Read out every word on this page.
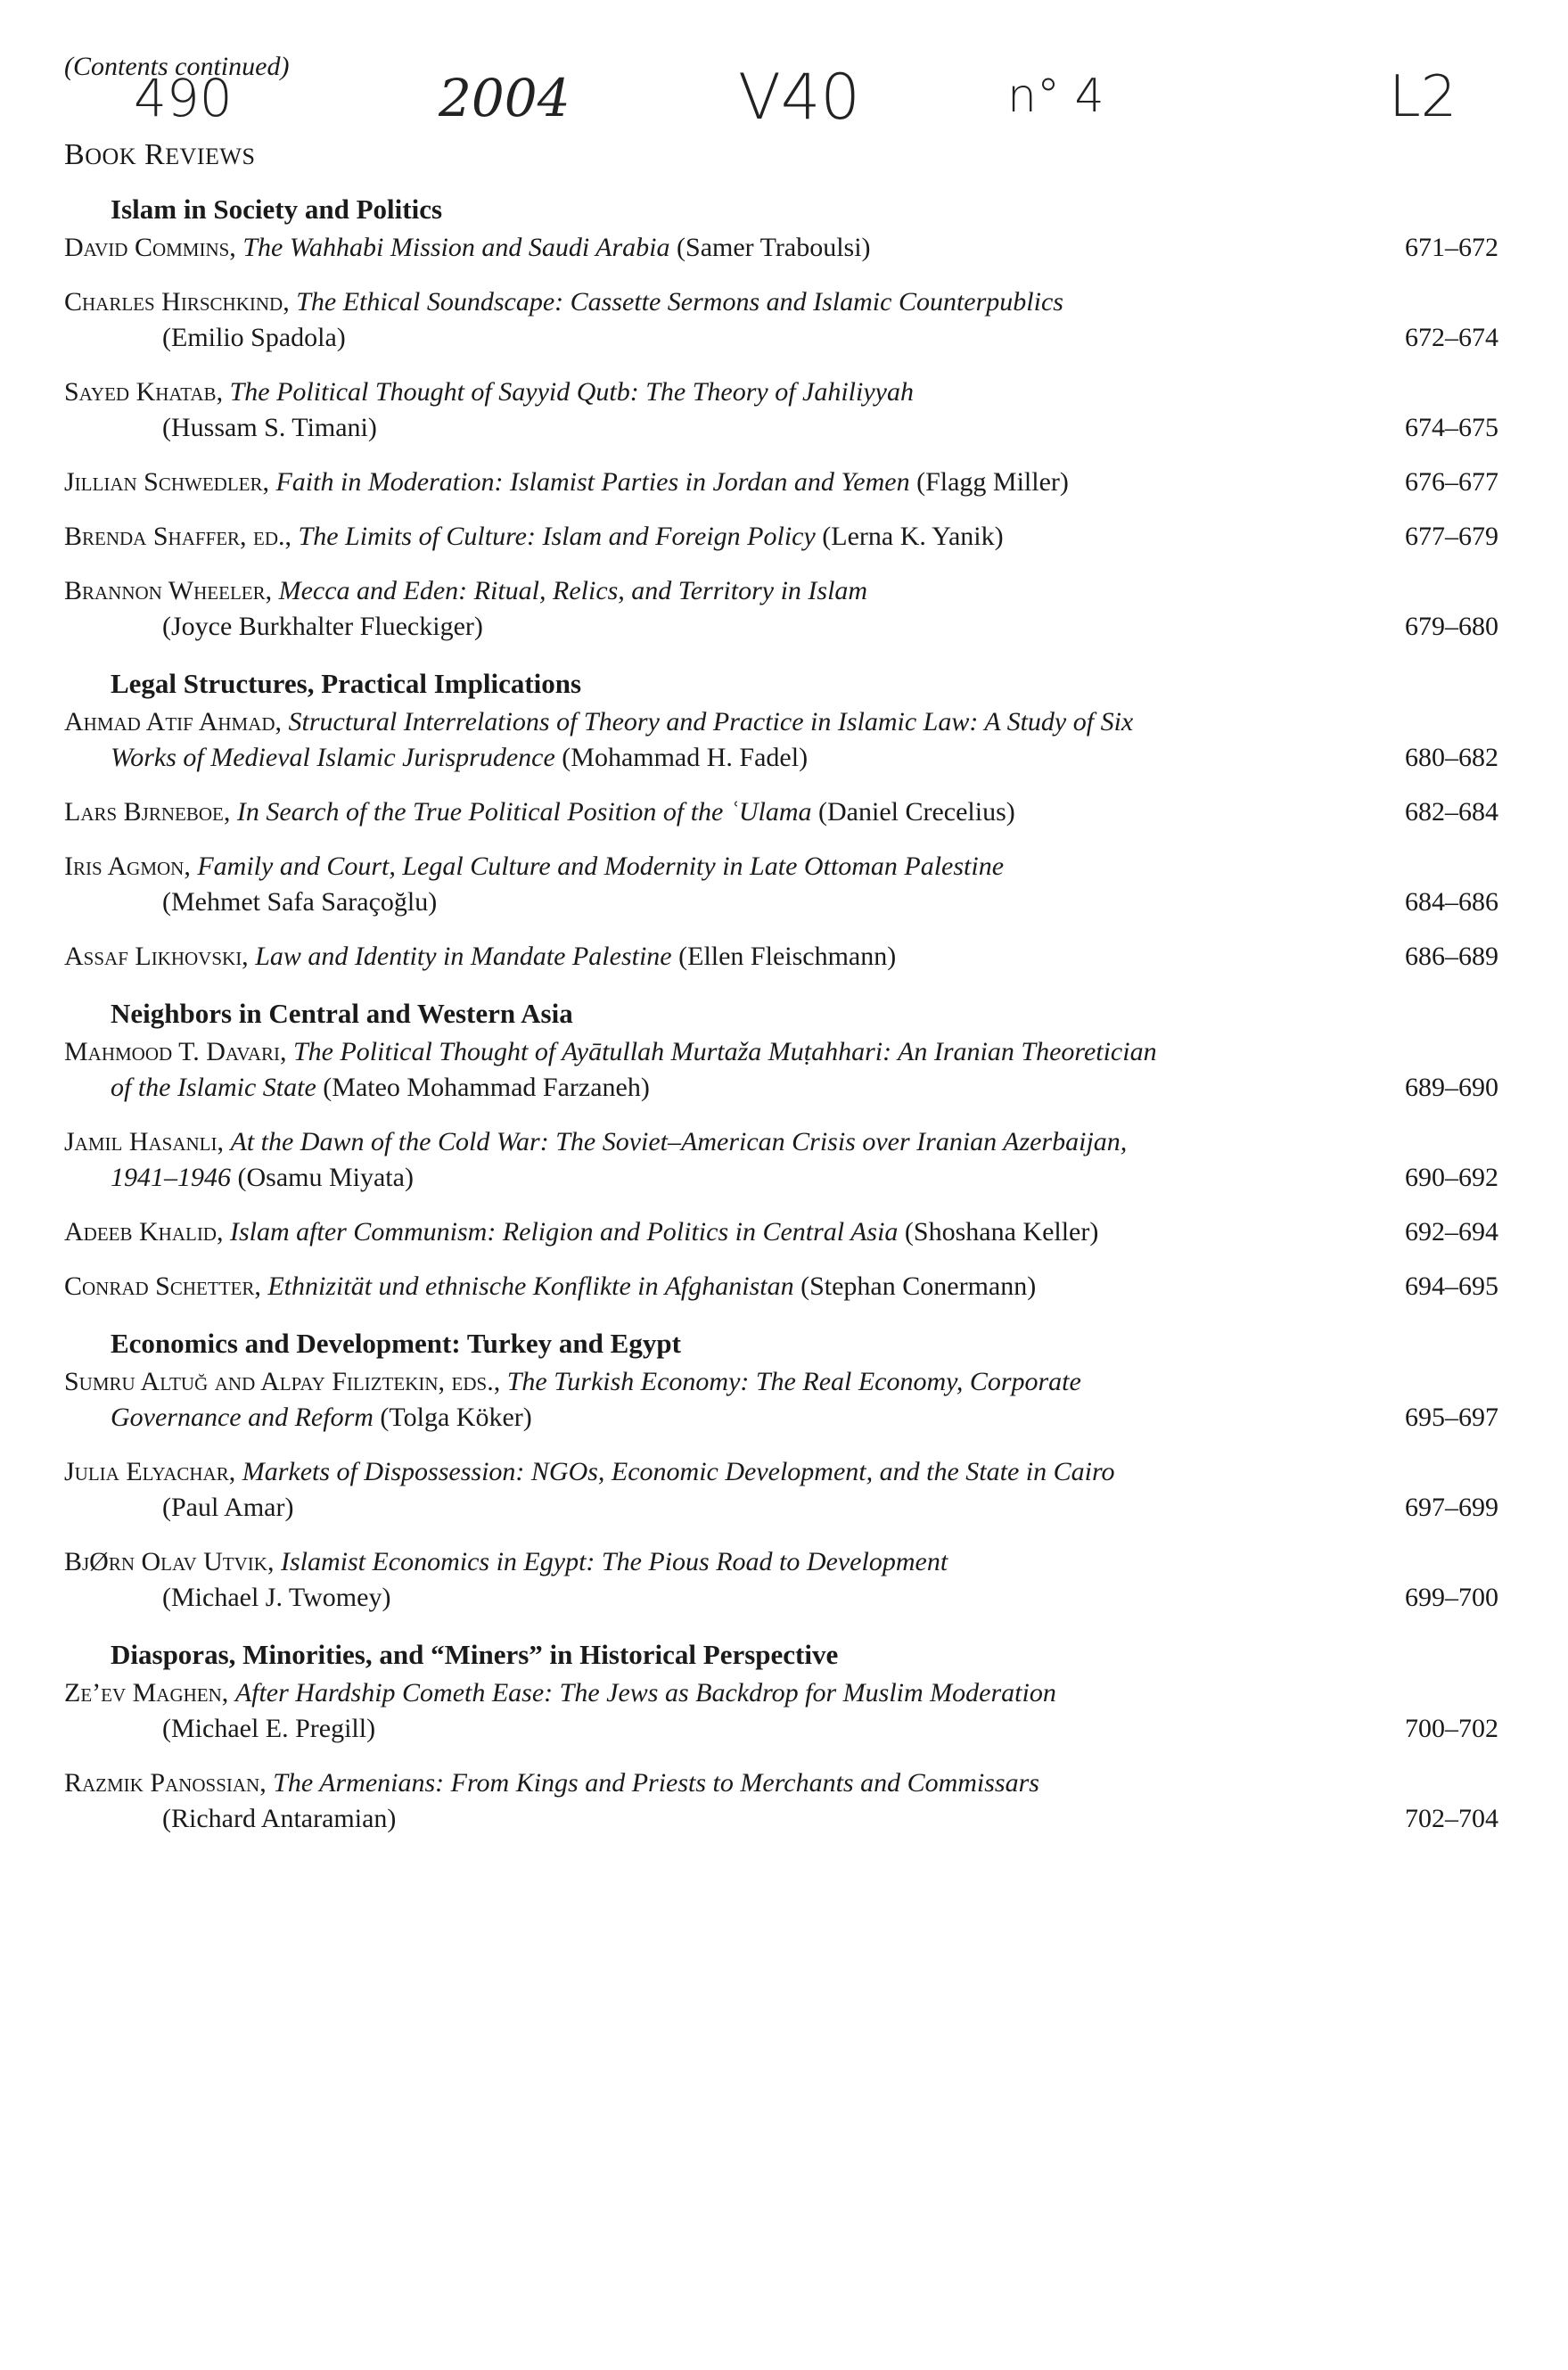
(Contents continued)
490	2004	V40	n° 4	L2
BOOK REVIEWS
Islam in Society and Politics
David Commins, The Wahhabi Mission and Saudi Arabia (Samer Traboulsi)	671–672
Charles Hirschkind, The Ethical Soundscape: Cassette Sermons and Islamic Counterpublics
(Emilio Spadola)	672–674
Sayed Khatab, The Political Thought of Sayyid Qutb: The Theory of Jahiliyyah
(Hussam S. Timani)	674–675
Jillian Schwedler, Faith in Moderation: Islamist Parties in Jordan and Yemen (Flagg Miller)	676–677
Brenda Shaffer, ed., The Limits of Culture: Islam and Foreign Policy (Lerna K. Yanik)	677–679
Brannon Wheeler, Mecca and Eden: Ritual, Relics, and Territory in Islam
(Joyce Burkhalter Flueckiger)	679–680
Legal Structures, Practical Implications
Ahmad Atif Ahmad, Structural Interrelations of Theory and Practice in Islamic Law: A Study of Six
Works of Medieval Islamic Jurisprudence (Mohammad H. Fadel)	680–682
Lars Bjrneboe, In Search of the True Political Position of the ʿUlama (Daniel Crecelius)	682–684
Iris Agmon, Family and Court, Legal Culture and Modernity in Late Ottoman Palestine
(Mehmet Safa Saraçoğlu)	684–686
Assaf Likhovski, Law and Identity in Mandate Palestine (Ellen Fleischmann)	686–689
Neighbors in Central and Western Asia
Mahmood T. Davari, The Political Thought of Ayātullah Murtaža Muṭahhari: An Iranian Theoretician
of the Islamic State (Mateo Mohammad Farzaneh)	689–690
Jamil Hasanli, At the Dawn of the Cold War: The Soviet–American Crisis over Iranian Azerbaijan,
1941–1946 (Osamu Miyata)	690–692
Adeeb Khalid, Islam after Communism: Religion and Politics in Central Asia (Shoshana Keller)	692–694
Conrad Schetter, Ethnizität und ethnische Konflikte in Afghanistan (Stephan Conermann)	694–695
Economics and Development: Turkey and Egypt
Sumru Altuğ and Alpay Filiztekin, eds., The Turkish Economy: The Real Economy, Corporate
Governance and Reform (Tolga Köker)	695–697
Julia Elyachar, Markets of Dispossession: NGOs, Economic Development, and the State in Cairo
(Paul Amar)	697–699
BjØrn Olav Utvik, Islamist Economics in Egypt: The Pious Road to Development
(Michael J. Twomey)	699–700
Diasporas, Minorities, and “Miners” in Historical Perspective
Ze’ev Maghen, After Hardship Cometh Ease: The Jews as Backdrop for Muslim Moderation
(Michael E. Pregill)	700–702
Razmik Panossian, The Armenians: From Kings and Priests to Merchants and Commissars
(Richard Antaramian)	702–704
